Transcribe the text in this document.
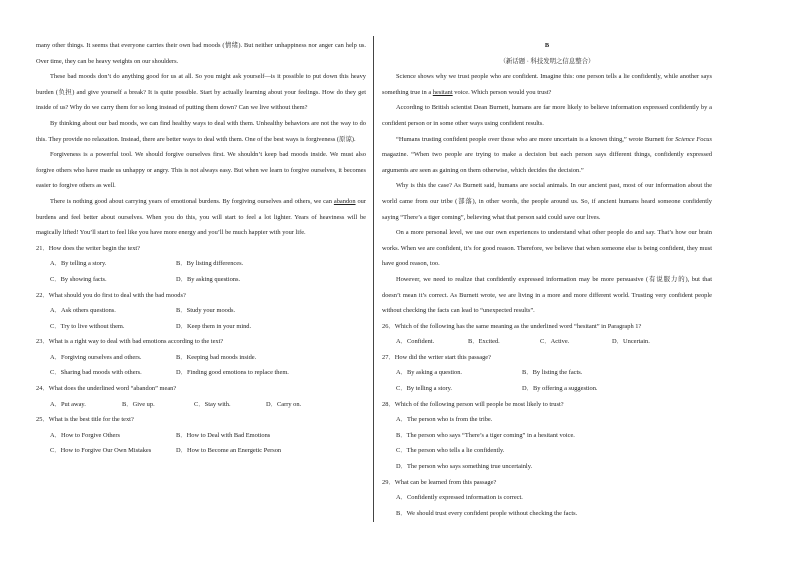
many other things. It seems that everyone carries their own bad moods (情绪). But neither unhappiness nor anger can help us. Over time, they can be heavy weights on our shoulders.

These bad moods don’t do anything good for us at all. So you might ask yourself—is it possible to put down this heavy burden (负担) and give yourself a break? It is quite possible. Start by actually learning about your feelings. How do they get inside of us? Why do we carry them for so long instead of putting them down? Can we live without them?

By thinking about our bad moods, we can find healthy ways to deal with them. Unhealthy behaviors are not the way to do this. They provide no relaxation. Instead, there are better ways to deal with them. One of the best ways is forgiveness (原谅).

Forgiveness is a powerful tool. We should forgive ourselves first. We shouldn’t keep bad moods inside. We must also forgive others who have made us unhappy or angry. This is not always easy. But when we learn to forgive ourselves, it becomes easier to forgive others as well.

There is nothing good about carrying years of emotional burdens. By forgiving ourselves and others, we can abandon our burdens and feel better about ourselves. When you do this, you will start to feel a lot lighter. Years of heaviness will be magically lifted! You’ll start to feel like you have more energy and you’ll be much happier with your life.

21．How does the writer begin the text?

A．By telling a story.	B．By listing differences.
C．By showing facts.	D．By asking questions.

22．What should you do first to deal with the bad moods?

A．Ask others questions.	B．Study your moods.
C．Try to live without them.	D．Keep them in your mind.

23．What is a right way to deal with bad emotions according to the text?

A．Forgiving ourselves and others.	B．Keeping bad moods inside.
C．Sharing bad moods with others.	D．Finding good emotions to replace them.

24．What does the underlined word “abandon” mean?

A．Put away.	B．Give up.	C．Stay with.	D．Carry on.

25．What is the best title for the text?

A．How to Forgive Others	B．How to Deal with Bad Emotions
C．How to Forgive Our Own Mistakes	D．How to Become an Energetic Person

B

（新话题 · 科技发明之信息整合）

Science shows why we trust people who are confident. Imagine this: one person tells a lie confidently, while another says something true in a hesitant voice. Which person would you trust?

According to British scientist Dean Burnett, humans are far more likely to believe information expressed confidently by a confident person or in some other ways using confident results.

“Humans trusting confident people over those who are more uncertain is a known thing,” wrote Burnett for Science Focus magazine. “When two people are trying to make a decision but each person says different things, confidently expressed arguments are seen as gaining on them otherwise, which decides the decision.”

Why is this the case? As Burnett said, humans are social animals. In our ancient past, most of our information about the world came from our tribe (部落), in other words, the people around us. So, if ancient humans heard someone confidently saying “There’s a tiger coming”, believing what that person said could save our lives.

On a more personal level, we use our own experiences to understand what other people do and say. That’s how our brain works. When we are confident, it’s for good reason. Therefore, we believe that when someone else is being confident, they must have good reason, too.

However, we need to realize that confidently expressed information may be more persuasive (有说服力的), but that doesn’t mean it’s correct. As Burnett wrote, we are living in a more and more different world. Trusting very confident people without checking the facts can lead to “unexpected results”.

26．Which of the following has the same meaning as the underlined word “hesitant” in Paragraph 1?

A．Confident.	B．Excited.	C．Active.	D．Uncertain.

27．How did the writer start this passage?

A．By asking a question.	B．By listing the facts.
C．By telling a story.	D．By offering a suggestion.

28．Which of the following person will people be most likely to trust?

A．The person who is from the tribe.
B．The person who says “There’s a tiger coming” in a hesitant voice.
C．The person who tells a lie confidently.
D．The person who says something true uncertainly.

29．What can be learned from this passage?

A．Confidently expressed information is correct.
B．We should trust every confident people without checking the facts.
